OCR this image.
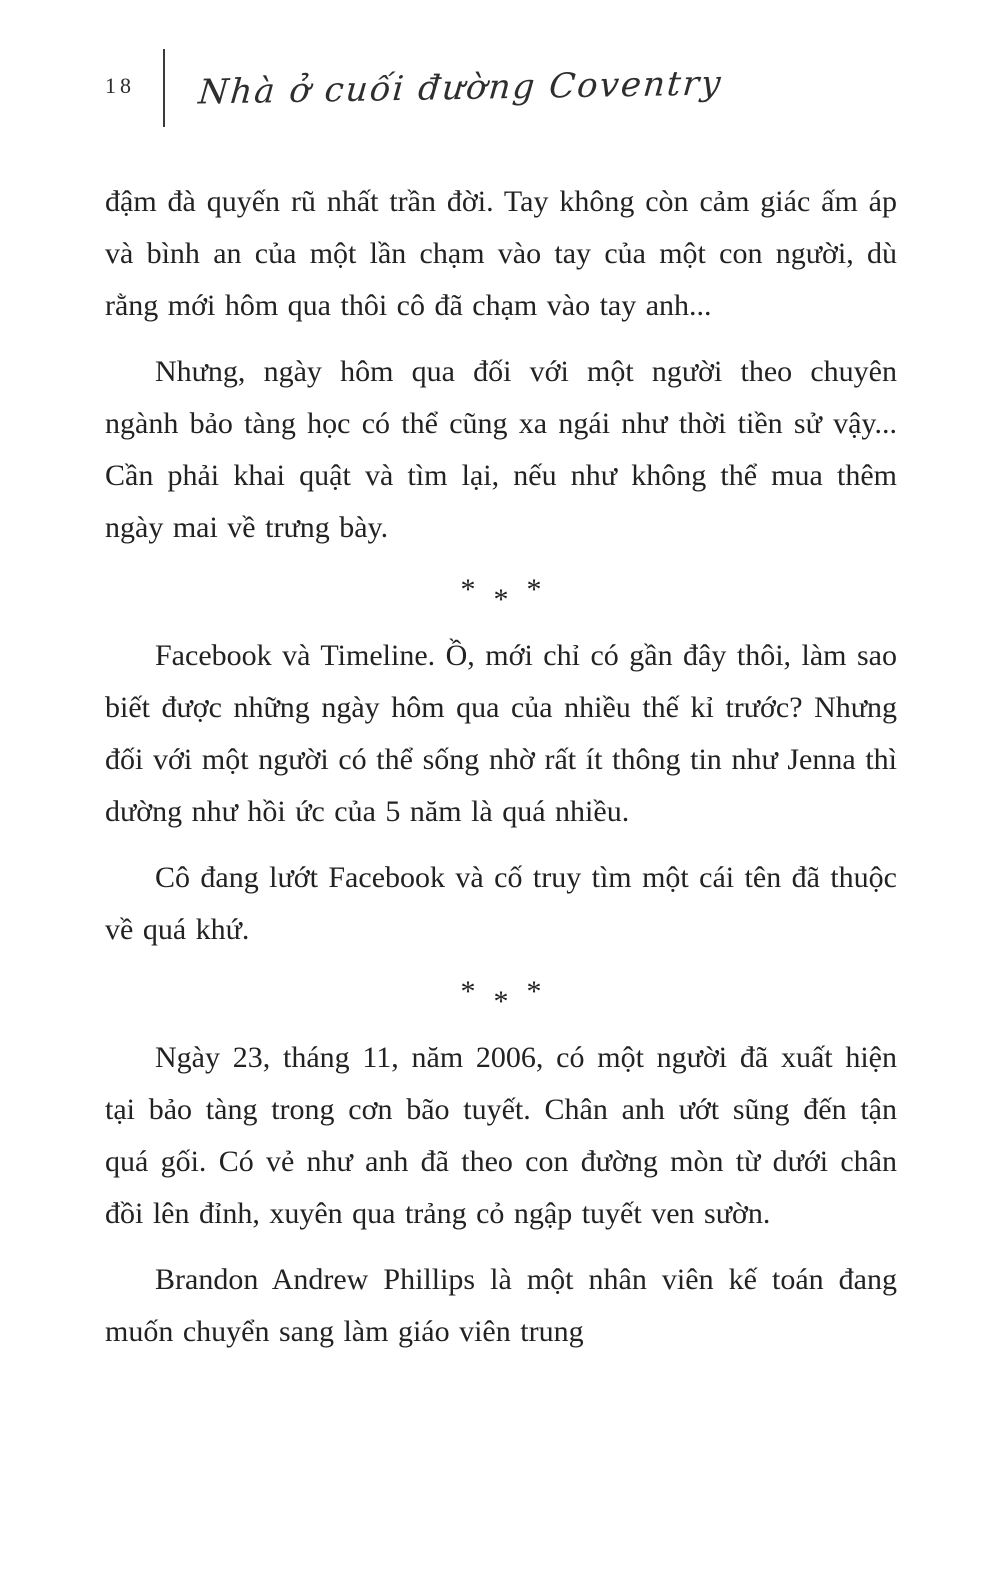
18 Nhà ở cuối đường Coventry

đậm đà quyến rũ nhất trần đời. Tay không còn cảm giác ấm áp và bình an của một lần chạm vào tay của một con người, dù rằng mới hôm qua thôi cô đã chạm vào tay anh...

Nhưng, ngày hôm qua đối với một người theo chuyên ngành bảo tàng học có thể cũng xa ngái như thời tiền sử vậy... Cần phải khai quật và tìm lại, nếu như không thể mua thêm ngày mai về trưng bày.

* * *

Facebook và Timeline. Ồ, mới chỉ có gần đây thôi, làm sao biết được những ngày hôm qua của nhiều thế kỉ trước? Nhưng đối với một người có thể sống nhờ rất ít thông tin như Jenna thì dường như hồi ức của 5 năm là quá nhiều.

Cô đang lướt Facebook và cố truy tìm một cái tên đã thuộc về quá khứ.

* * *

Ngày 23, tháng 11, năm 2006, có một người đã xuất hiện tại bảo tàng trong cơn bão tuyết. Chân anh ướt sũng đến tận quá gối. Có vẻ như anh đã theo con đường mòn từ dưới chân đồi lên đỉnh, xuyên qua trảng cỏ ngập tuyết ven sườn.

Brandon Andrew Phillips là một nhân viên kế toán đang muốn chuyển sang làm giáo viên trung
